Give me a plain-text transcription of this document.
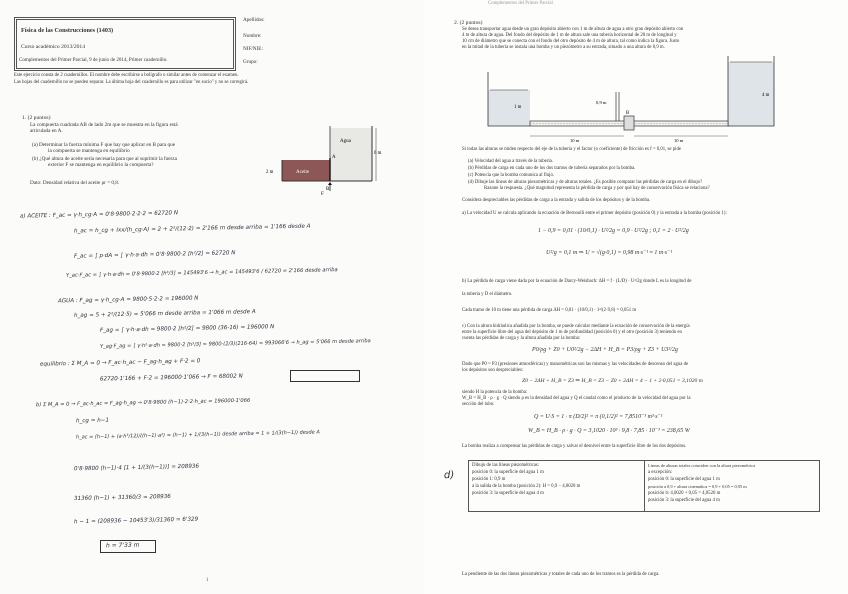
Física de las Construcciones (1403)
Curso académico 2013/2014
Complementos del Primer Parcial, 9 de junio de 2014, Primer cuadernillo.
Apellidos:
Nombre:
NIF/NIE:
Grupo:
Este ejercicio consta de 2 cuadernillos. El nombre debe escribirse a bolígrafo o similar antes de comenzar el examen.
Las hojas del cuadernillo no se pueden separar. La última hoja del cuadernillo es para utilizar "en sucio" y no se corregirá.
1. (2 puntos)
La compuerta cuadrada AB de lado 2m que se muestra en la figura está
articulada en A.
(a) Determinar la fuerza mínima F que hay que aplicar en B para que
la compuerta se mantenga en equilibrio
(b) ¿Qué altura de aceite sería necesaria para que al suprimir la fuerza
exterior F se mantenga en equilibrio la compuerta?
Dato: Densidad relativa del aceite ρr = 0,8.
Agua
Aceite
2 m
6 m
A
B
F
a) ACEITE : F_ac = γ·h_cg·A = 0'8·9800·2·2·2 = 62720 N
h_ac = h_cg + Ixx/(h_cg·A) = 2 + 2²/(12·2) = 2'166 m desde arriba = 1'166 desde A
F_ac = ∫ p·dA = ∫ γ·h·a·dh = 0'8·9800·2 [h²/2] = 62720 N
Y_ac·F_ac = ∫ γ·h·a·dh = 0'8·9800·2 [h³/3] = 145493'6 → h_ac = 145493'6 / 62720 = 2'166 desde arriba
AGUA : F_ag = γ·h_cg·A = 9800·5·2·2 = 196000 N
h_ag = 5 + 2²/(12·5) = 5'066 m desde arriba = 1'066 m desde A
F_ag = ∫ γ·h·a·dh = 9800·2 [h²/2] = 9800 (36-16) = 196000 N
Y_ag·F_ag = ∫ γ·h²·a·dh = 9800·2 [h³/3] = 9800·(2/3)(216-64) = 993066'6 → h_ag = 5'066 m desde arriba
equilibrio : Σ M_A = 0 → F_ac·h_ac − F_ag·h_ag + F·2 = 0
62720·1'166 + F·2 = 196000·1'066 → F = 68002 N
b) Σ M_A = 0 → F_ac·h_ac = F_ag·h_ag → 0'8·9800 (h−1)·2·2·h_ac = 196000·1'066
h_cg = h−1
h_ac = (h−1) + (a·h³/12)/((h−1)·a²) = (h−1) + 1/(3(h−1)) desde arriba = 1 + 1/(3(h−1)) desde A
0'8·9800 (h−1)·4 [1 + 1/(3(h−1))] = 208936
31360 (h−1) + 31360/3 = 208936
h − 1 = (208936 − 10453'3)/31360 = 6'329
h = 7'33 m
1
Complementos del Primer Parcial
2. (2 puntos)
Se desea transportar agua desde un gran depósito abierto con 1 m de altura de agua a otro gran depósito abierto con
4 m de altura de agua. Del fondo del depósito de 1 m de altura sale una tubería horizontal de 20 m de longitud y
10 cm de diámetro que se conecta con el fondo del otro depósito de 4 m de altura, tal como indica la figura. Justo
en la mitad de la tubería se instala una bomba y un piezómetro a su entrada, situado a una altura de 0,9 m.
1 m
4 m
B
10 m	10 m
0,9 m
Si todas las alturas se miden respecto del eje de la tubería y el factor (o coeficiente) de fricción es f = 0,01, se pide
(a) Velocidad del agua a través de la tubería.
(b) Pérdidas de carga en cada uno de los dos tramos de tubería separados por la bomba.
(c) Potencia que la bomba comunica al flujo.
(d) Dibuje las líneas de alturas piezométricas y de alturas totales. ¿Es posible comparar las pérdidas de carga en el dibujo?
Razone la respuesta. ¿Qué magnitud representa la pérdida de carga y por qué hay de conservación física se relaciona?
Considera despreciables las pérdidas de carga a la entrada y salida de los depósitos y de la bomba.
a) La velocidad U se calcula aplicando la ecuación de Bernoulli entre el primer depósito (posición 0) y la entrada a la bomba (posición 1):
1 − 0,9 = 0,01 · (10/0,1) · U²/2g = 0,9 · U²/2g ; 0,1 = 2 · U²/2g
U²/g = 0,1 m ⇒ U = √(g·0,1) = 0,98 m·s⁻¹ ≈ 1 m·s⁻¹
b) La pérdida de carga viene dada por la ecuación de Darcy-Weisbach: ΔH = f · (L/D) · U²/2g donde L es la longitud de
la tubería y D el diámetro.
Cada tramo de 10 m tiene una pérdida de carga ΔH = 0,01 · (10/0,1) · 1²/(2·9,8) = 0,051 m
c) Con la altura hidráulica añadida por la bomba, se puede calcular mediante la ecuación de conservación de la energía
entre la superficie libre del agua del depósito de 1 m de profundidad (posición 0) y el otro (posición 3) teniendo en
cuenta las pérdidas de carga y la altura añadida por la bomba:
P0/ρg + Z0 + U0²/2g − 2ΔH + H_B = P3/ρg + Z3 + U3²/2g
Dado que P0 = P3 (presiones atmosféricas) y manométricas son las mismas y las velocidades de descenso del agua de
los depósitos son despreciables:
Z0 − 2ΔH + H_B = Z3 ⇒ H_B = Z3 − Z0 + 2ΔH = 4 − 1 + 2·0,051 = 3,1020 m
siendo H la potencia de la bomba:
W_B = H_B · ρ · g · Q siendo ρ es la densidad del agua y Q el caudal como el producto de la velocidad del agua por la
sección del tubo:
Q = U·S = 1 · π (D/2)² = π (0,1/2)² = 7,8510⁻³ m³·s⁻¹
W_B = H_B · ρ · g · Q = 3,1020 · 10³ · 9,8 · 7,85 · 10⁻³ = 238,65 W
La bomba realiza a compensar las pérdidas de carga y salvar el desnivel entre la superficie libre de los dos depósitos.
d)
Dibujo de las líneas piezométricas:
posición 0: la superficie del agua 1 m
posición 1: 0,9 m
a la salida de la bomba (posición 2): H = 0,9 − 4,0020 m
posición 3: la superficie del agua 4 m
Líneas de alturas totales coinciden con la altura piezométrica
a excepción:
posición 0: la superficie del agua 1 m
posición a 0,9 + altura cinemática = 0,9 + 0,05 = 0,95 m
posición b: 4,0020 + 0,05 = 4,0520 m
posición 3: la superficie del agua 4 m
La pendiente de las dos líneas piezométricas y totales de cada uno de los tramos es la pérdida de carga.
